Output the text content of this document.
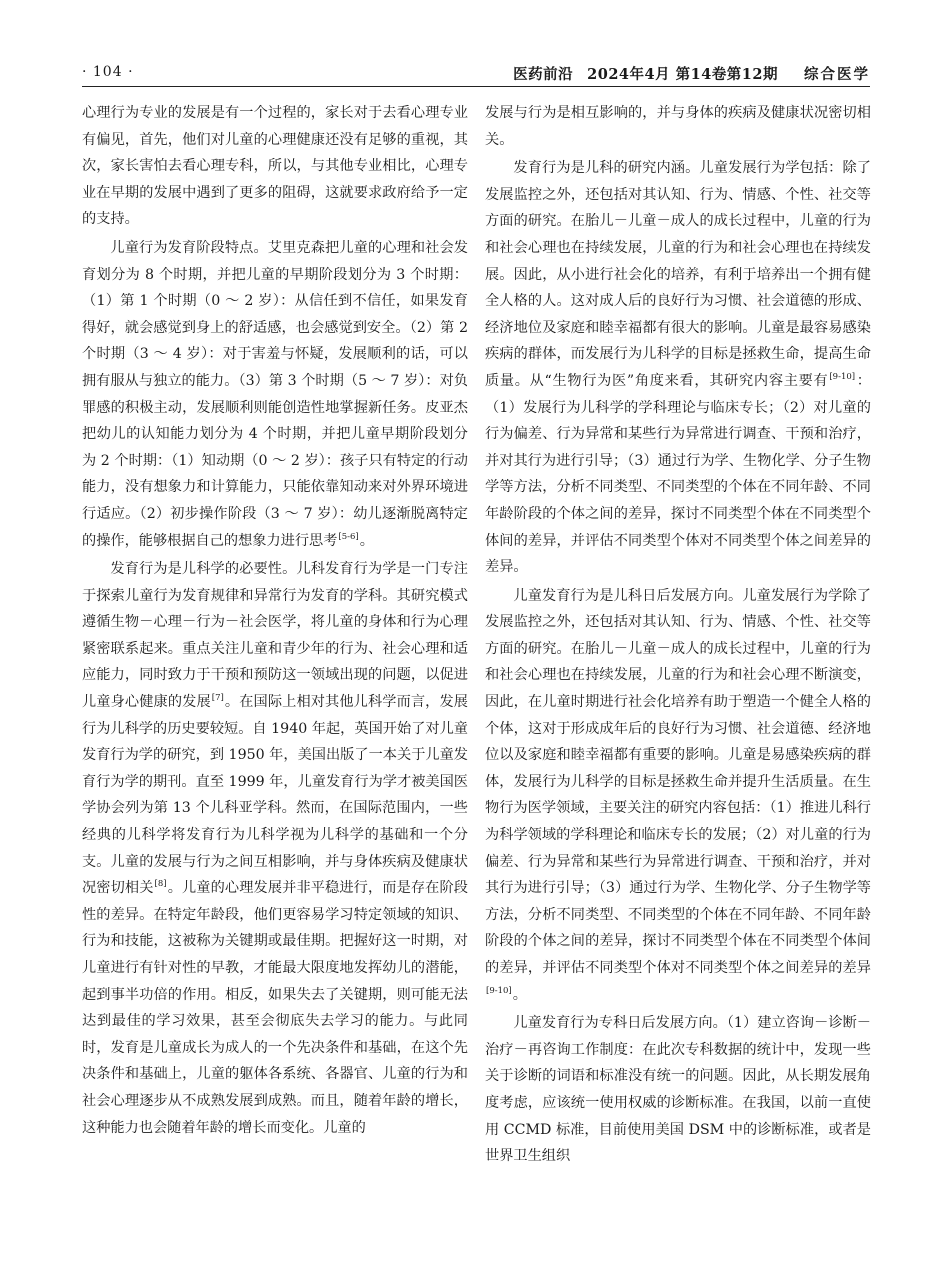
· 104 ·	医药前沿 2024年4月 第14卷第12期 综合医学

心理行为专业的发展是有一个过程的，家长对于去看心理专业有偏见，首先，他们对儿童的心理健康还没有足够的重视，其次，家长害怕去看心理专科，所以，与其他专业相比，心理专业在早期的发展中遇到了更多的阻碍，这就要求政府给予一定的支持。

儿童行为发育阶段特点。艾里克森把儿童的心理和社会发育划分为 8 个时期，并把儿童的早期阶段划分为 3 个时期：（1）第 1 个时期（0 ～ 2 岁）：从信任到不信任，如果发育得好，就会感觉到身上的舒适感，也会感觉到安全。（2）第 2 个时期（3 ～ 4 岁）：对于害羞与怀疑，发展顺利的话，可以拥有服从与独立的能力。（3）第 3 个时期（5 ～ 7 岁）：对负罪感的积极主动，发展顺利则能创造性地掌握新任务。皮亚杰把幼儿的认知能力划分为 4 个时期，并把儿童早期阶段划分为 2 个时期：（1）知动期（0 ～ 2 岁）：孩子只有特定的行动能力，没有想象力和计算能力，只能依靠知动来对外界环境进行适应。（2）初步操作阶段（3 ～ 7 岁）：幼儿逐渐脱离特定的操作，能够根据自己的想象力进行思考[5-6]。

发育行为是儿科学的必要性。儿科发育行为学是一门专注于探索儿童行为发育规律和异常行为发育的学科。其研究模式遵循生物－心理－行为－社会医学，将儿童的身体和行为心理紧密联系起来。重点关注儿童和青少年的行为、社会心理和适应能力，同时致力于干预和预防这一领域出现的问题，以促进儿童身心健康的发展[7]。在国际上相对其他儿科学而言，发展行为儿科学的历史要较短。自 1940 年起，英国开始了对儿童发育行为学的研究，到 1950 年，美国出版了一本关于儿童发育行为学的期刊。直至 1999 年，儿童发育行为学才被美国医学协会列为第 13 个儿科亚学科。然而，在国际范围内，一些经典的儿科学将发育行为儿科学视为儿科学的基础和一个分支。儿童的发展与行为之间互相影响，并与身体疾病及健康状况密切相关[8]。儿童的心理发展并非平稳进行，而是存在阶段性的差异。在特定年龄段，他们更容易学习特定领域的知识、行为和技能，这被称为关键期或最佳期。把握好这一时期，对儿童进行有针对性的早教，才能最大限度地发挥幼儿的潜能，起到事半功倍的作用。相反，如果失去了关键期，则可能无法达到最佳的学习效果，甚至会彻底失去学习的能力。与此同时，发育是儿童成长为成人的一个先决条件和基础，在这个先决条件和基础上，儿童的躯体各系统、各器官、儿童的行为和社会心理逐步从不成熟发展到成熟。而且，随着年龄的增长，这种能力也会随着年龄的增长而变化。儿童的

发展与行为是相互影响的，并与身体的疾病及健康状况密切相关。

发育行为是儿科的研究内涵。儿童发展行为学包括：除了发展监控之外，还包括对其认知、行为、情感、个性、社交等方面的研究。在胎儿－儿童－成人的成长过程中，儿童的行为和社会心理也在持续发展，儿童的行为和社会心理也在持续发展。因此，从小进行社会化的培养，有利于培养出一个拥有健全人格的人。这对成人后的良好行为习惯、社会道德的形成、经济地位及家庭和睦幸福都有很大的影响。儿童是最容易感染疾病的群体，而发展行为儿科学的目标是拯救生命，提高生命质量。从“生物行为医”角度来看，其研究内容主要有[9-10]：（1）发展行为儿科学的学科理论与临床专长；（2）对儿童的行为偏差、行为异常和某些行为异常进行调查、干预和治疗，并对其行为进行引导；（3）通过行为学、生物化学、分子生物学等方法，分析不同类型、不同类型的个体在不同年龄、不同年龄阶段的个体之间的差异，探讨不同类型个体在不同类型个体间的差异，并评估不同类型个体对不同类型个体之间差异的差异。

儿童发育行为是儿科日后发展方向。儿童发展行为学除了发展监控之外，还包括对其认知、行为、情感、个性、社交等方面的研究。在胎儿－儿童－成人的成长过程中，儿童的行为和社会心理也在持续发展，儿童的行为和社会心理不断演变，因此，在儿童时期进行社会化培养有助于塑造一个健全人格的个体，这对于形成成年后的良好行为习惯、社会道德、经济地位以及家庭和睦幸福都有重要的影响。儿童是易感染疾病的群体，发展行为儿科学的目标是拯救生命并提升生活质量。在生物行为医学领域，主要关注的研究内容包括：（1）推进儿科行为科学领域的学科理论和临床专长的发展；（2）对儿童的行为偏差、行为异常和某些行为异常进行调查、干预和治疗，并对其行为进行引导；（3）通过行为学、生物化学、分子生物学等方法，分析不同类型、不同类型的个体在不同年龄、不同年龄阶段的个体之间的差异，探讨不同类型个体在不同类型个体间的差异，并评估不同类型个体对不同类型个体之间差异的差异[9-10]。

儿童发育行为专科日后发展方向。（1）建立咨询－诊断－治疗－再咨询工作制度：在此次专科数据的统计中，发现一些关于诊断的词语和标准没有统一的问题。因此，从长期发展角度考虑，应该统一使用权威的诊断标准。在我国，以前一直使用 CCMD 标准，目前使用美国 DSM 中的诊断标准，或者是世界卫生组织
